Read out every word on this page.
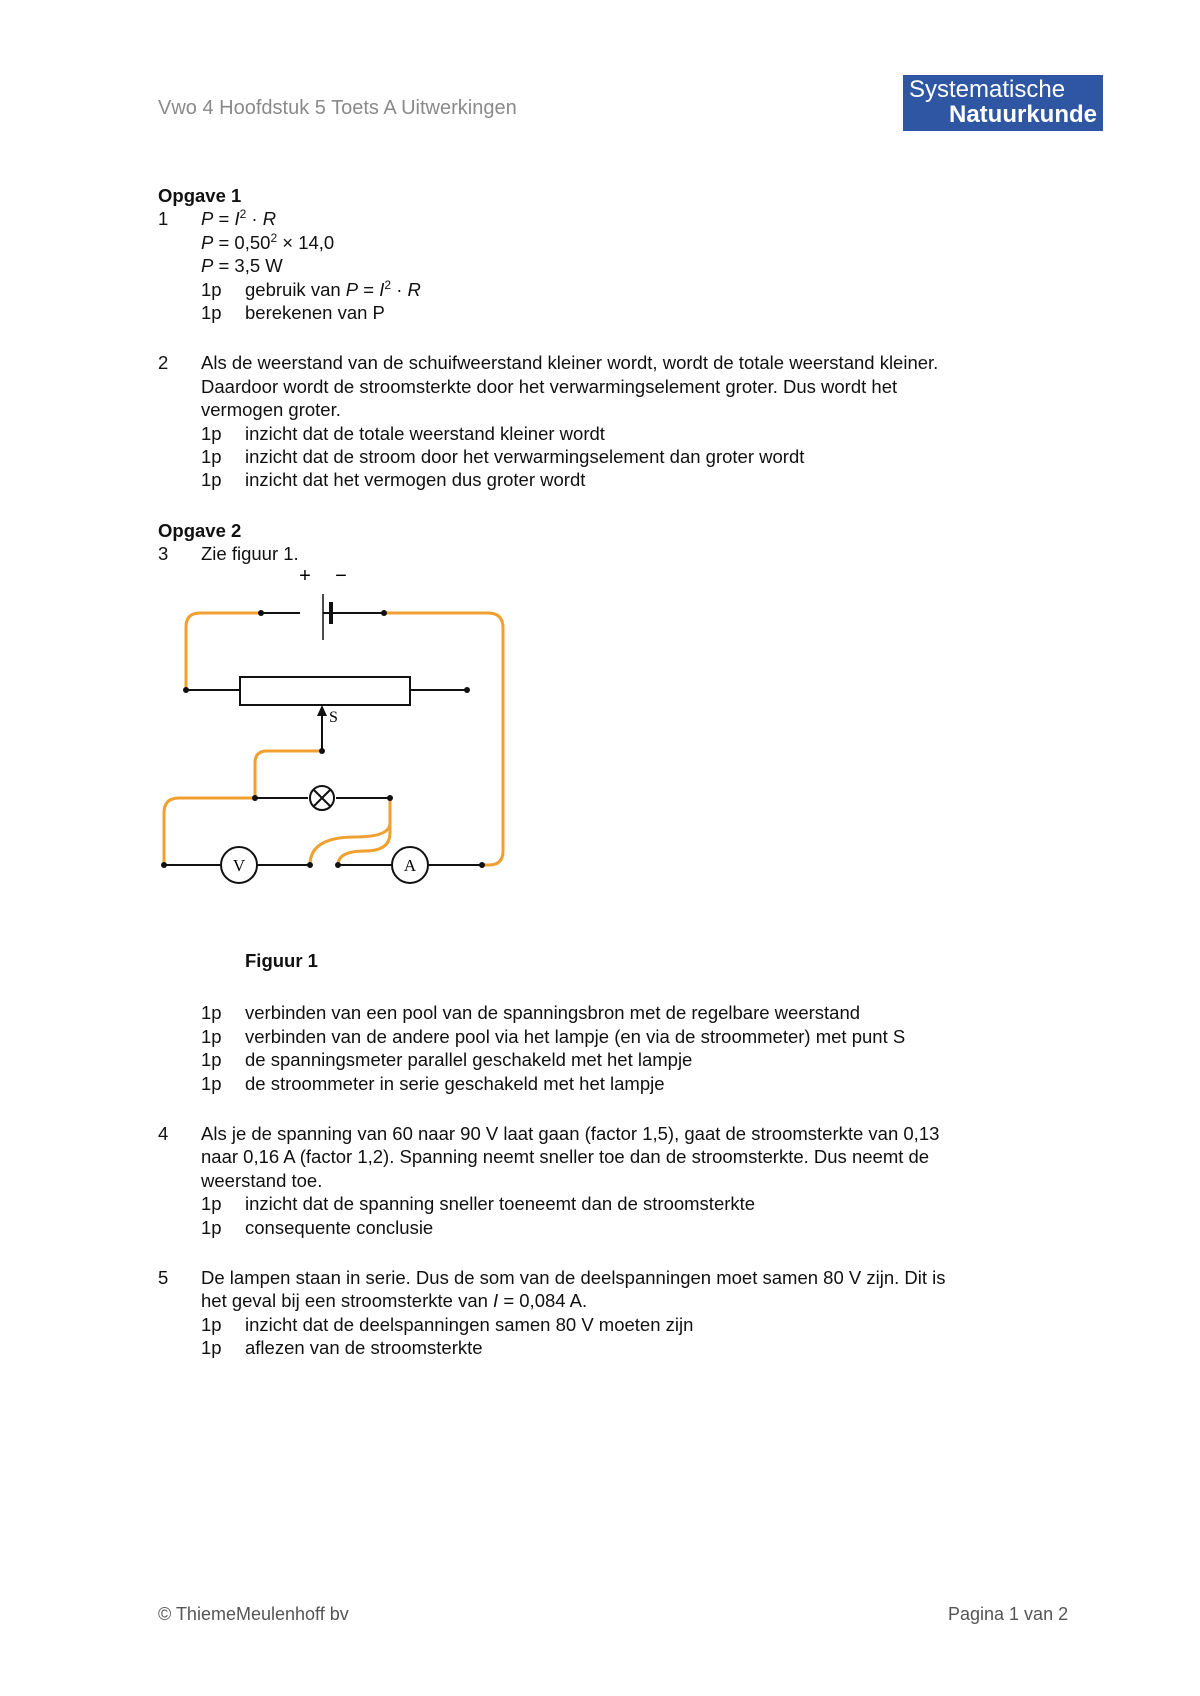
Vwo 4 Hoofdstuk 5 Toets A Uitwerkingen
Systematische
Natuurkunde
Opgave 1
1 $P = I^2 \cdot R$
$P = 0,50^2 \times 14,0$
P = 3,5 W
1p gebruik van $P = I^2 \cdot R$
1p berekenen van P
2 Als de weerstand van de schuifweerstand kleiner wordt, wordt de totale weerstand kleiner.
Daardoor wordt de stroomsterkte door het verwarmingselement groter. Dus wordt het
vermogen groter.
1p inzicht dat de totale weerstand kleiner wordt
1p inzicht dat de stroom door het verwarmingselement dan groter wordt
1p inzicht dat het vermogen dus groter wordt
Opgave 2
3 Zie figuur 1.
+ −
S
V	A
Figuur 1
1p verbinden van een pool van de spanningsbron met de regelbare weerstand
1p verbinden van de andere pool via het lampje (en via de stroommeter) met punt S
1p de spanningsmeter parallel geschakeld met het lampje
1p de stroommeter in serie geschakeld met het lampje
4 Als je de spanning van 60 naar 90 V laat gaan (factor 1,5), gaat de stroomsterkte van 0,13
naar 0,16 A (factor 1,2). Spanning neemt sneller toe dan de stroomsterkte. Dus neemt de
weerstand toe.
1p inzicht dat de spanning sneller toeneemt dan de stroomsterkte
1p consequente conclusie
5 De lampen staan in serie. Dus de som van de deelspanningen moet samen 80 V zijn. Dit is
het geval bij een stroomsterkte van I = 0,084 A.
1p inzicht dat de deelspanningen samen 80 V moeten zijn
1p aflezen van de stroomsterkte
© ThiemeMeulenhoff bv	Pagina 1 van 2
